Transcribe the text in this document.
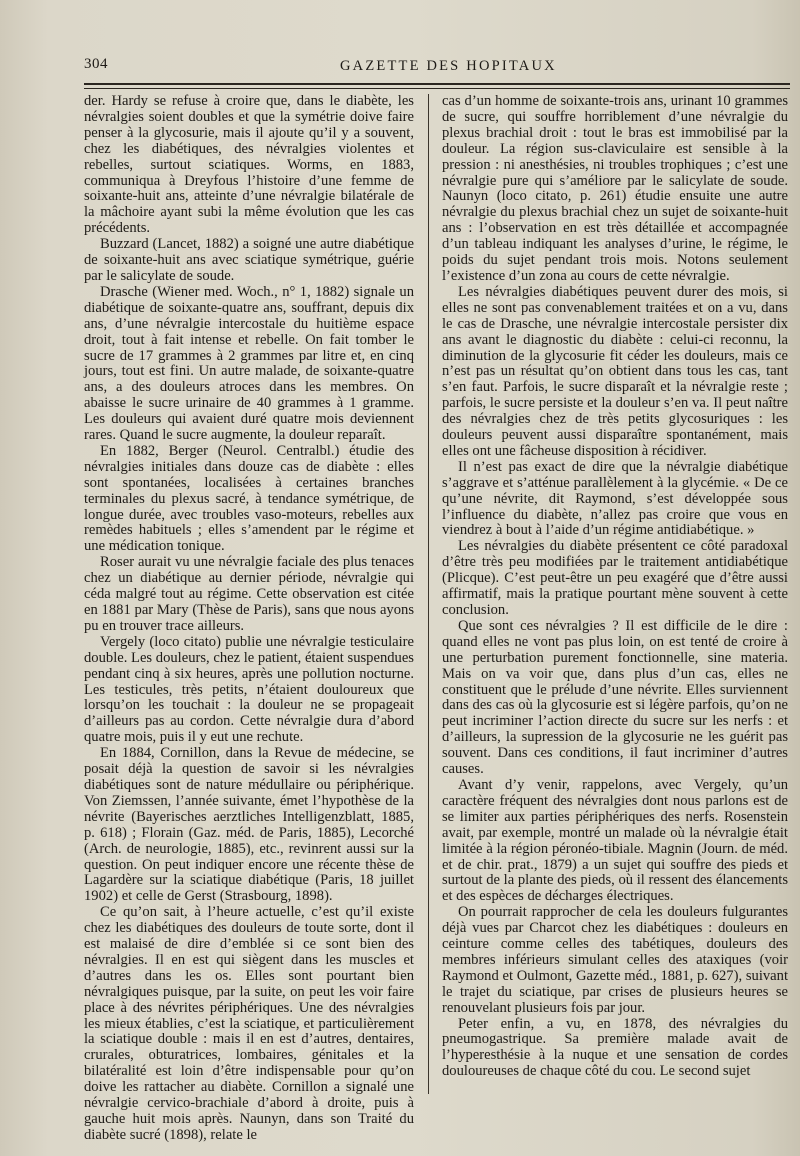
304	GAZETTE DES HOPITAUX

der. Hardy se refuse à croire que, dans le diabète, les névralgies soient doubles et que la symétrie doive faire penser à la glycosurie, mais il ajoute qu’il y a souvent, chez les diabétiques, des névralgies violentes et rebelles, surtout sciatiques. Worms, en 1883, communiqua à Dreyfous l’histoire d’une femme de soixante-huit ans, atteinte d’une névralgie bilatérale de la mâchoire ayant subi la même évolution que les cas précédents.

Buzzard (Lancet, 1882) a soigné une autre diabétique de soixante-huit ans avec sciatique symétrique, guérie par le salicylate de soude.

Drasche (Wiener med. Woch., n° 1, 1882) signale un diabétique de soixante-quatre ans, souffrant, depuis dix ans, d’une névralgie intercostale du huitième espace droit, tout à fait intense et rebelle. On fait tomber le sucre de 17 grammes à 2 grammes par litre et, en cinq jours, tout est fini. Un autre malade, de soixante-quatre ans, a des douleurs atroces dans les membres. On abaisse le sucre urinaire de 40 grammes à 1 gramme. Les douleurs qui avaient duré quatre mois deviennent rares. Quand le sucre augmente, la douleur reparaît.

En 1882, Berger (Neurol. Centralbl.) étudie des névralgies initiales dans douze cas de diabète : elles sont spontanées, localisées à certaines branches terminales du plexus sacré, à tendance symétrique, de longue durée, avec troubles vaso-moteurs, rebelles aux remèdes habituels ; elles s’amendent par le régime et une médication tonique.

Roser aurait vu une névralgie faciale des plus tenaces chez un diabétique au dernier période, névralgie qui céda malgré tout au régime. Cette observation est citée en 1881 par Mary (Thèse de Paris), sans que nous ayons pu en trouver trace ailleurs.

Vergely (loco citato) publie une névralgie testiculaire double. Les douleurs, chez le patient, étaient suspendues pendant cinq à six heures, après une pollution nocturne. Les testicules, très petits, n’étaient douloureux que lorsqu’on les touchait : la douleur ne se propageait d’ailleurs pas au cordon. Cette névralgie dura d’abord quatre mois, puis il y eut une rechute.

En 1884, Cornillon, dans la Revue de médecine, se posait déjà la question de savoir si les névralgies diabétiques sont de nature médullaire ou périphérique. Von Ziemssen, l’année suivante, émet l’hypothèse de la névrite (Bayerisches aerztliches Intelligenzblatt, 1885, p. 618) ; Florain (Gaz. méd. de Paris, 1885), Lecorché (Arch. de neurologie, 1885), etc., revinrent aussi sur la question. On peut indiquer encore une récente thèse de Lagardère sur la sciatique diabétique (Paris, 18 juillet 1902) et celle de Gerst (Strasbourg, 1898).

Ce qu’on sait, à l’heure actuelle, c’est qu’il existe chez les diabétiques des douleurs de toute sorte, dont il est malaisé de dire d’emblée si ce sont bien des névralgies. Il en est qui siègent dans les muscles et d’autres dans les os. Elles sont pourtant bien névralgiques puisque, par la suite, on peut les voir faire place à des névrites périphériques. Une des névralgies les mieux établies, c’est la sciatique, et particulièrement la sciatique double : mais il en est d’autres, dentaires, crurales, obturatrices, lombaires, génitales et la bilatéralité est loin d’être indispensable pour qu’on doive les rattacher au diabète. Cornillon a signalé une névralgie cervico-brachiale d’abord à droite, puis à gauche huit mois après. Naunyn, dans son Traité du diabète sucré (1898), relate le

cas d’un homme de soixante-trois ans, urinant 10 grammes de sucre, qui souffre horriblement d’une névralgie du plexus brachial droit : tout le bras est immobilisé par la douleur. La région sus-claviculaire est sensible à la pression : ni anesthésies, ni troubles trophiques ; c’est une névralgie pure qui s’améliore par le salicylate de soude. Naunyn (loco citato, p. 261) étudie ensuite une autre névralgie du plexus brachial chez un sujet de soixante-huit ans : l’observation en est très détaillée et accompagnée d’un tableau indiquant les analyses d’urine, le régime, le poids du sujet pendant trois mois. Notons seulement l’existence d’un zona au cours de cette névralgie.

Les névralgies diabétiques peuvent durer des mois, si elles ne sont pas convenablement traitées et on a vu, dans le cas de Drasche, une névralgie intercostale persister dix ans avant le diagnostic du diabète : celui-ci reconnu, la diminution de la glycosurie fit céder les douleurs, mais ce n’est pas un résultat qu’on obtient dans tous les cas, tant s’en faut. Parfois, le sucre disparaît et la névralgie reste ; parfois, le sucre persiste et la douleur s’en va. Il peut naître des névralgies chez de très petits glycosuriques : les douleurs peuvent aussi disparaître spontanément, mais elles ont une fâcheuse disposition à récidiver.

Il n’est pas exact de dire que la névralgie diabétique s’aggrave et s’atténue parallèlement à la glycémie. « De ce qu’une névrite, dit Raymond, s’est développée sous l’influence du diabète, n’allez pas croire que vous en viendrez à bout à l’aide d’un régime antidiabétique. »

Les névralgies du diabète présentent ce côté paradoxal d’être très peu modifiées par le traitement antidiabétique (Plicque). C’est peut-être un peu exagéré que d’être aussi affirmatif, mais la pratique pourtant mène souvent à cette conclusion.

Que sont ces névralgies ? Il est difficile de le dire : quand elles ne vont pas plus loin, on est tenté de croire à une perturbation purement fonctionnelle, sine materia. Mais on va voir que, dans plus d’un cas, elles ne constituent que le prélude d’une névrite. Elles surviennent dans des cas où la glycosurie est si légère parfois, qu’on ne peut incriminer l’action directe du sucre sur les nerfs : et d’ailleurs, la supression de la glycosurie ne les guérit pas souvent. Dans ces conditions, il faut incriminer d’autres causes.

Avant d’y venir, rappelons, avec Vergely, qu’un caractère fréquent des névralgies dont nous parlons est de se limiter aux parties périphériques des nerfs. Rosenstein avait, par exemple, montré un malade où la névralgie était limitée à la région péronéo-tibiale. Magnin (Journ. de méd. et de chir. prat., 1879) a un sujet qui souffre des pieds et surtout de la plante des pieds, où il ressent des élancements et des espèces de décharges électriques.

On pourrait rapprocher de cela les douleurs fulgurantes déjà vues par Charcot chez les diabétiques : douleurs en ceinture comme celles des tabétiques, douleurs des membres inférieurs simulant celles des ataxiques (voir Raymond et Oulmont, Gazette méd., 1881, p. 627), suivant le trajet du sciatique, par crises de plusieurs heures se renouvelant plusieurs fois par jour.

Peter enfin, a vu, en 1878, des névralgies du pneumogastrique. Sa première malade avait de l’hyperesthésie à la nuque et une sensation de cordes douloureuses de chaque côté du cou. Le second sujet
